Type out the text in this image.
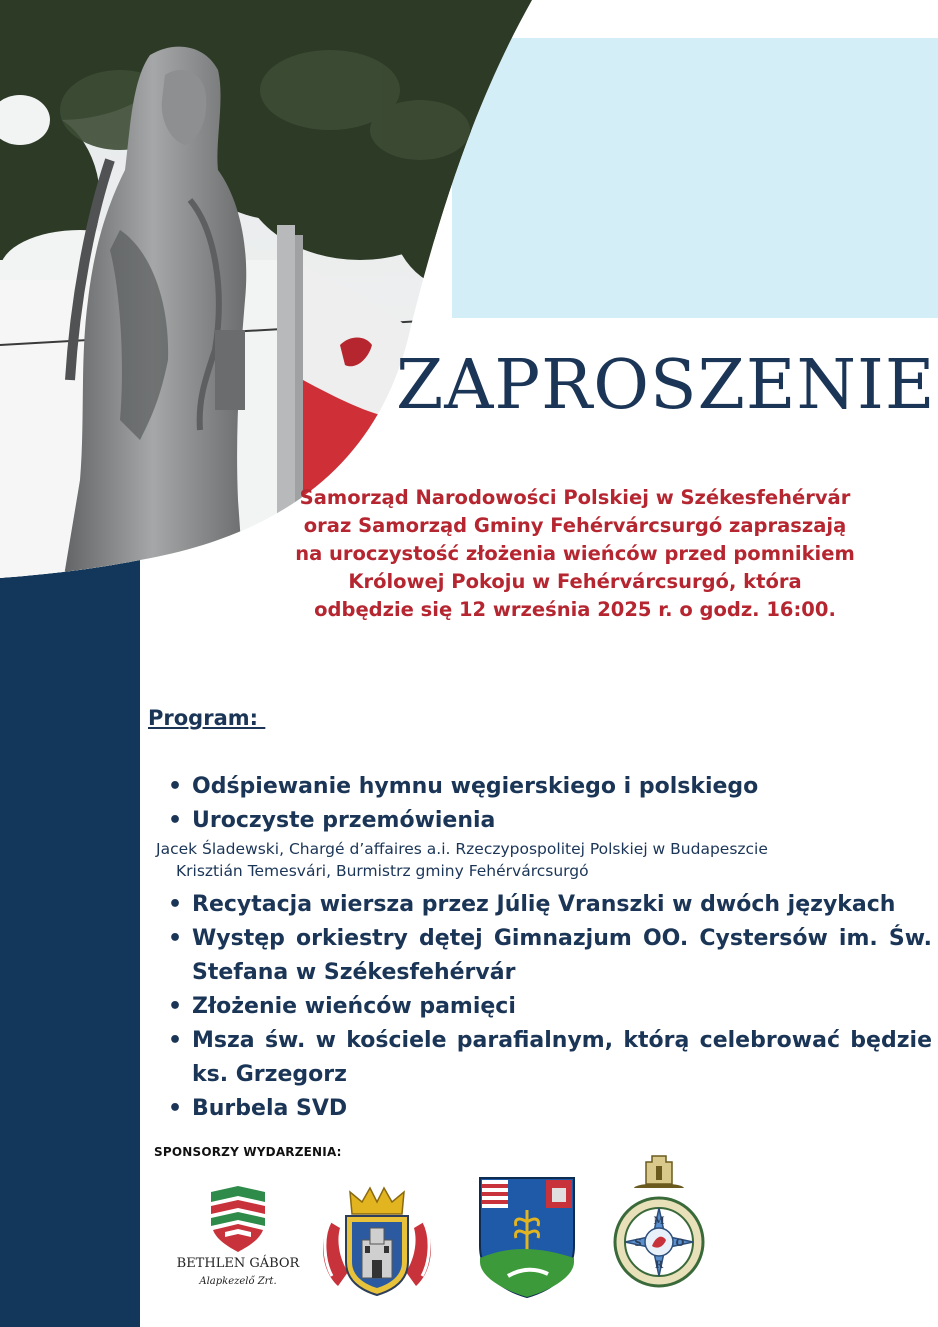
ZAPROSZENIE
Samorząd Narodowości Polskiej w Székesfehérvár
oraz Samorząd Gminy Fehérvárcsurgó zapraszają
na uroczystość złożenia wieńców przed pomnikiem
Królowej Pokoju w Fehérvárcsurgó, która
odbędzie się 12 września 2025 r. o godz. 16:00.
Program:
• Odśpiewanie hymnu węgierskiego i polskiego
• Uroczyste przemówienia
Jacek Śladewski, Chargé d’affaires a.i. Rzeczypospolitej Polskiej w Budapeszcie
Krisztián Temesvári, Burmistrz gminy Fehérvárcsurgó
• Recytacja wiersza przez Júlię Vranszki w dwóch językach
• Występ orkiestry dętej Gimnazjum OO. Cystersów im. Św.
Stefana w Székesfehérvár
• Złożenie wieńców pamięci
• Msza św. w kościele parafialnym, którą celebrować będzie
ks. Grzegorz
• Burbela SVD
SPONSORZY WYDARZENIA:
BETHLEN GÁBOR
Alapkezelő Zrt.
M
O
R
S
